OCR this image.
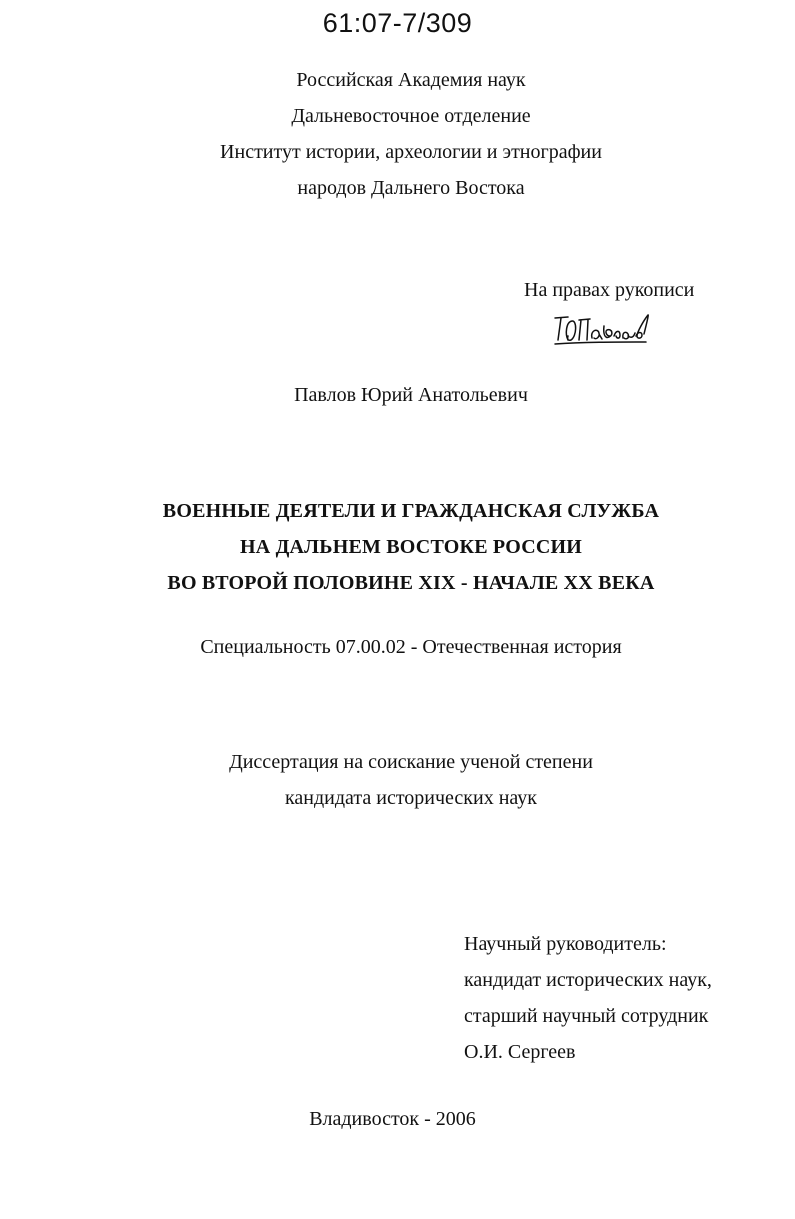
61:07-7/309
Российская Академия наук
Дальневосточное отделение
Институт истории, археологии и этнографии
народов Дальнего Востока
На правах рукописи
Павлов Юрий Анатольевич
ВОЕННЫЕ ДЕЯТЕЛИ И ГРАЖДАНСКАЯ СЛУЖБА
НА ДАЛЬНЕМ ВОСТОКЕ РОССИИ
ВО ВТОРОЙ ПОЛОВИНЕ XIX - НАЧАЛЕ XX ВЕКА
Специальность 07.00.02 - Отечественная история
Диссертация на соискание ученой степени
кандидата исторических наук
Научный руководитель:
кандидат исторических наук,
старший научный сотрудник
О.И. Сергеев
Владивосток - 2006
